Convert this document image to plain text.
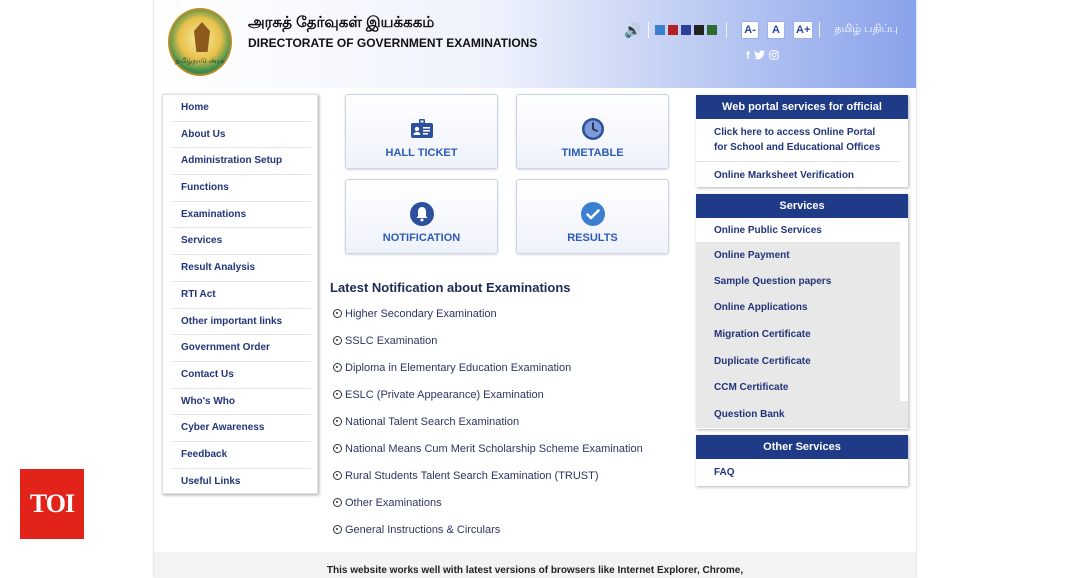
தமிழ்நாடு அரசு
அரசுத் தேர்வுகள் இயக்ககம்
DIRECTORATE OF GOVERNMENT EXAMINATIONS
🔊	A-	A	A+ தமிழ் பதிப்பு
f
Home
About Us
Administration Setup
Functions
Examinations
Services
Result Analysis
RTI Act
Other important links
Government Order
Contact Us
Who's Who
Cyber Awareness
Feedback
Useful Links
HALL TICKET	TIMETABLE
NOTIFICATION	RESULTS
Latest Notification about Examinations
Higher Secondary Examination
SSLC Examination
Diploma in Elementary Education Examination
ESLC (Private Appearance) Examination
National Talent Search Examination
National Means Cum Merit Scholarship Scheme Examination
Rural Students Talent Search Examination (TRUST)
Other Examinations
General Instructions & Circulars
Web portal services for official
Click here to access Online Portal for School and Educational Offices
Online Marksheet Verification
Services
Online Public Services
Online Payment
Sample Question papers
Online Applications
Migration Certificate
Duplicate Certificate
CCM Certificate
Question Bank
Other Services
FAQ
This website works well with latest versions of browsers like Internet Explorer, Chrome,
TOI
